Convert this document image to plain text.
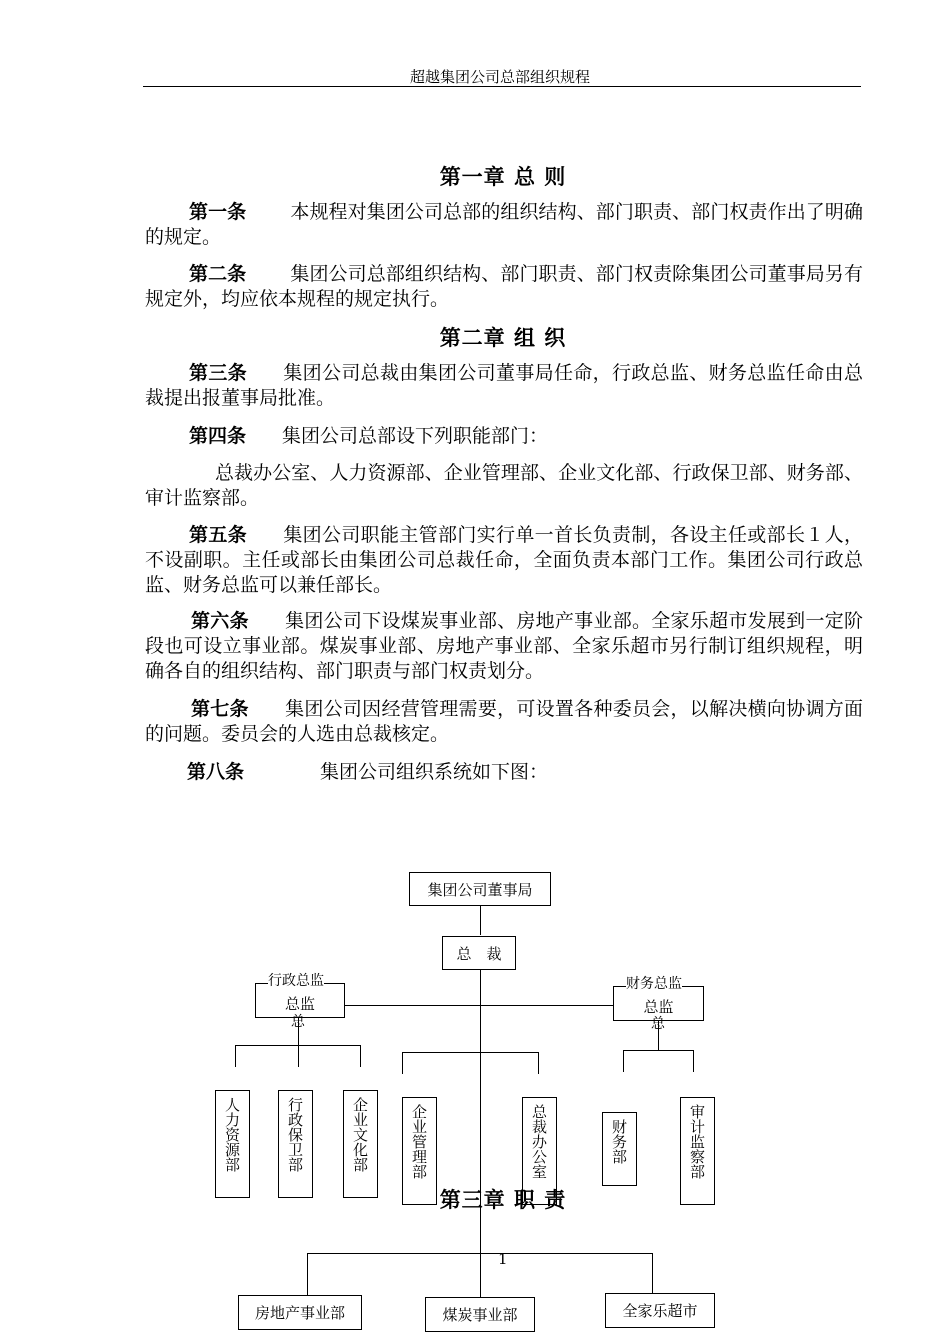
超越集团公司总部组织规程
第一章 总 则
第一条 本规程对集团公司总部的组织结构、部门职责、部门权责作出了明确的规定。
第二条 集团公司总部组织结构、部门职责、部门权责除集团公司董事局另有规定外，均应依本规程的规定执行。
第二章 组 织
第三条 集团公司总裁由集团公司董事局任命，行政总监、财务总监任命由总裁提出报董事局批准。
第四条 集团公司总部设下列职能部门：
总裁办公室、人力资源部、企业管理部、企业文化部、行政保卫部、财务部、审计监察部。
第五条 集团公司职能主管部门实行单一首长负责制，各设主任或部长１人，不设副职。主任或部长由集团公司总裁任命，全面负责本部门工作。集团公司行政总监、财务总监可以兼任部长。
第六条 集团公司下设煤炭事业部、房地产事业部。全家乐超市发展到一定阶段也可设立事业部。煤炭事业部、房地产事业部、全家乐超市另行制订组织规程，明确各自的组织结构、部门职责与部门权责划分。
第七条 集团公司因经营管理需要，可设置各种委员会，以解决横向协调方面的问题。委员会的人选由总裁核定。
第八条	集团公司组织系统如下图：
集团公司董事局
总　裁
总监
行政总监
总
总监
财务总监
总
人力资源部	行政保卫部	企业文化部	企业管理部	总裁办公室	财务部	审计监察部
房地产事业部	煤炭事业部	全家乐超市
第三章 职 责
1
